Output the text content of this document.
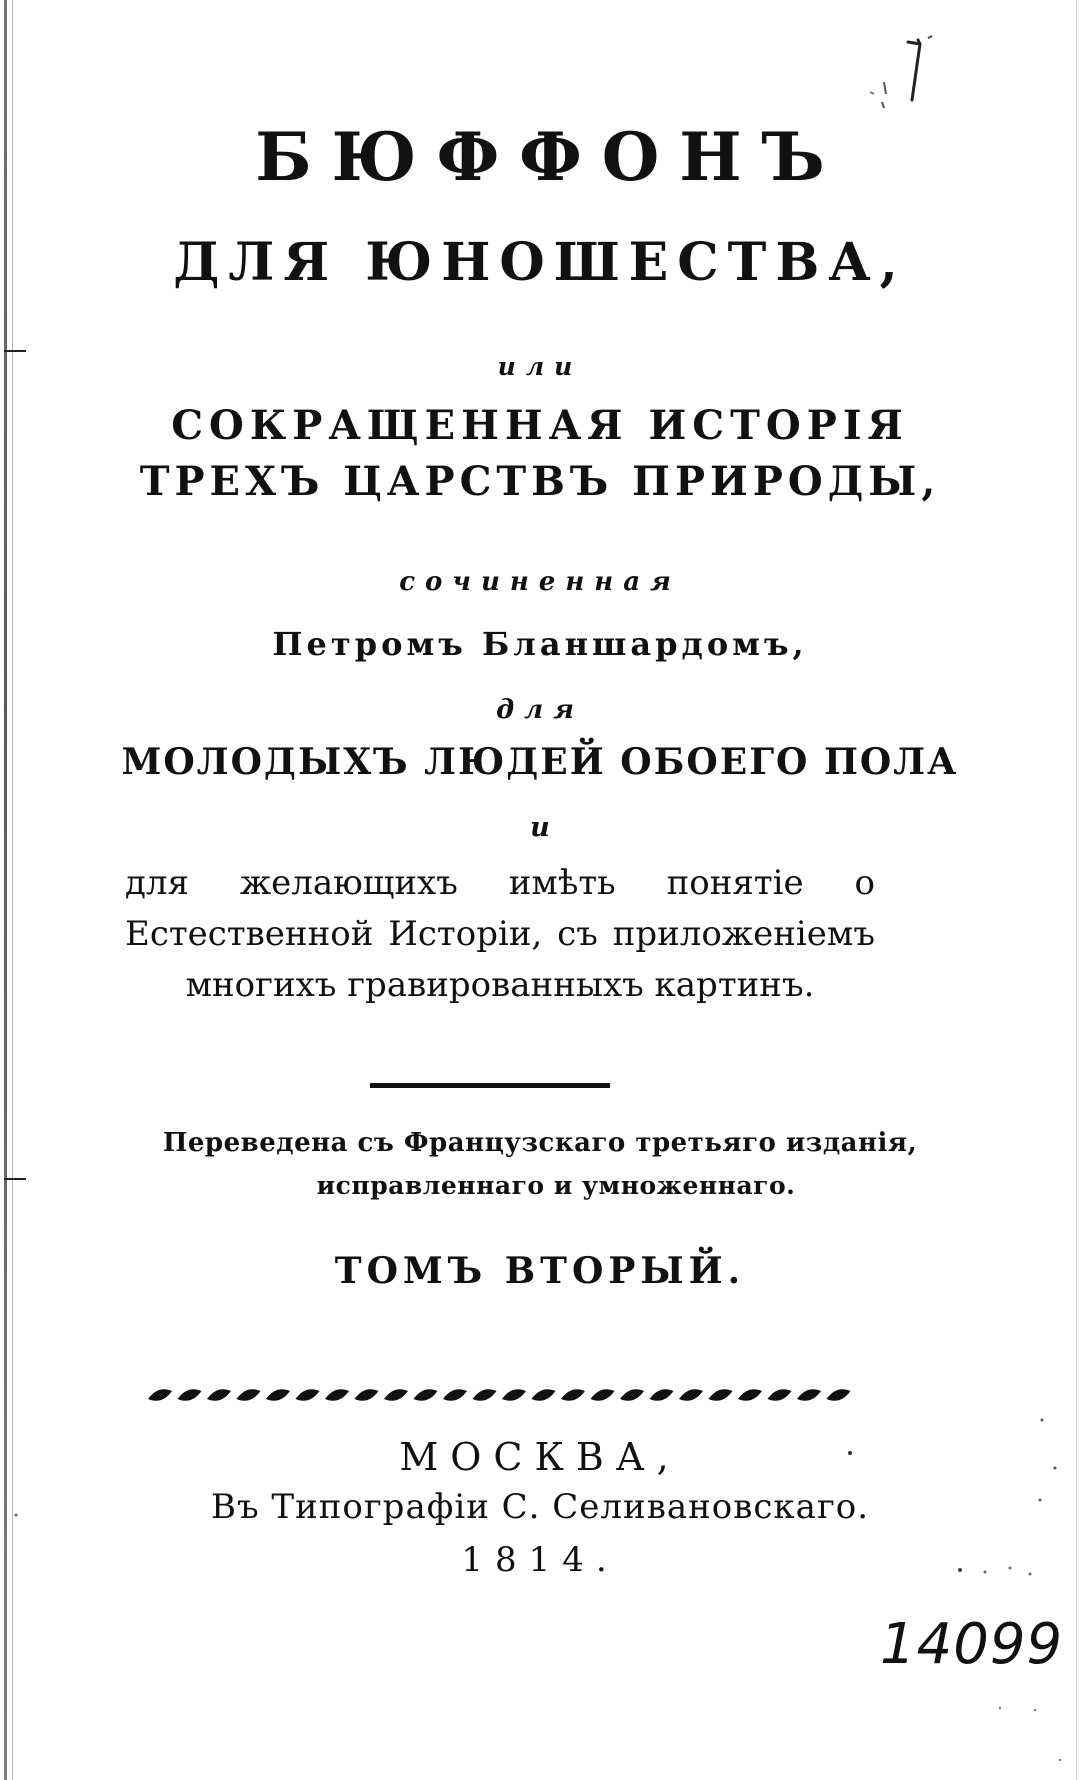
БЮФФОНЪ
ДЛЯ ЮНОШЕСТВА,
или
СОКРАЩЕННАЯ ИСТОРІЯ
ТРЕХЪ ЦАРСТВЪ ПРИРОДЫ,
сочиненная
Петромъ Бланшардомъ,
для
МОЛОДЫХЪ ЛЮДЕЙ ОБОЕГО ПОЛА
и
для желающихъ имѣть понятіе о Естественной Исторіи, съ приложеніемъ многихъ гравированныхъ картинъ.
Переведена съ Французскаго третьяго изданія,
исправленнаго и умноженнаго.
ТОМЪ ВТОРЫЙ.
МОСКВА,
Въ Типографіи С. Селивановскаго.
1814.
14099
